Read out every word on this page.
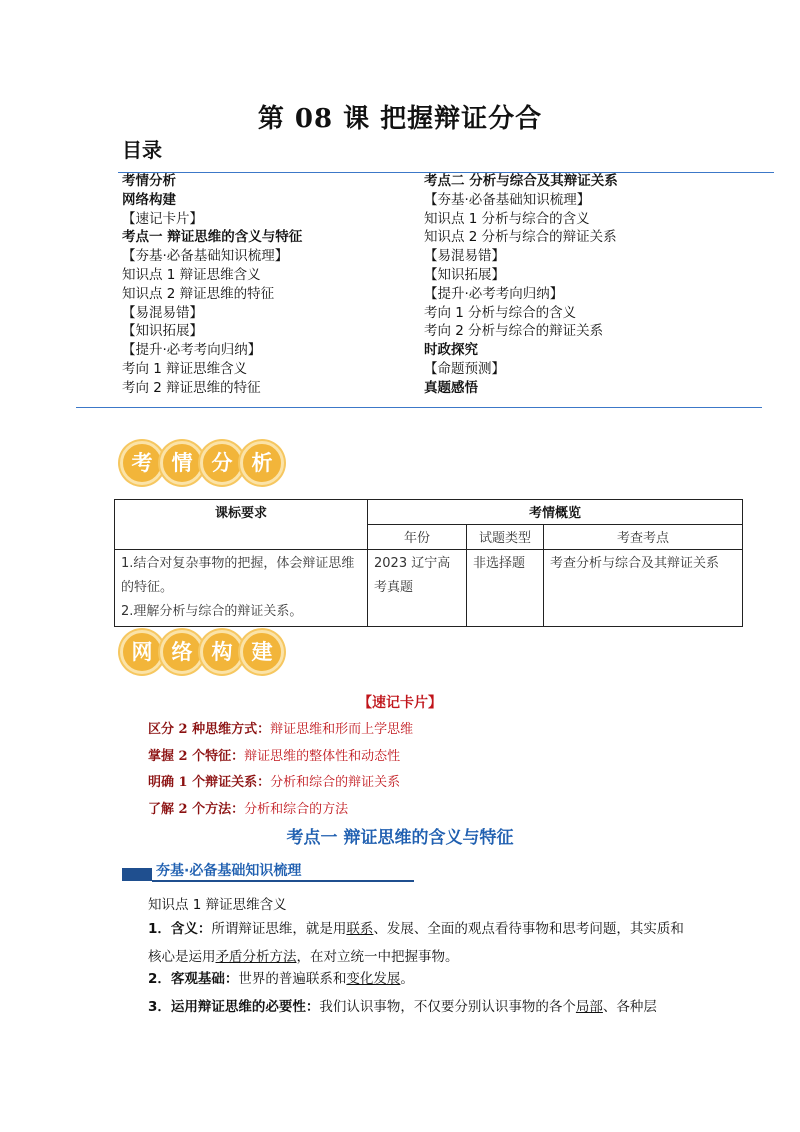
第 08 课 把握辩证分合
目录
考情分析
网络构建
【速记卡片】
考点一 辩证思维的含义与特征
【夯基·必备基础知识梳理】
知识点 1 辩证思维含义
知识点 2 辩证思维的特征
【易混易错】
【知识拓展】
【提升·必考考向归纳】
考向 1 辩证思维含义
考向 2 辩证思维的特征
考点二 分析与综合及其辩证关系
【夯基·必备基础知识梳理】
知识点 1 分析与综合的含义
知识点 2 分析与综合的辩证关系
【易混易错】
【知识拓展】
【提升·必考考向归纳】
考向 1 分析与综合的含义
考向 2 分析与综合的辩证关系
时政探究
【命题预测】
真题感悟
考 情 分 析
课标要求	考情概览		
	年份	试题类型	考查考点

1.结合对复杂事物的把握，体会辩证思维的特征。
2.理解分析与综合的辩证关系。	2023 辽宁高考真题	非选择题	考查分析与综合及其辩证关系
网 络 构 建
【速记卡片】
区分 2 种思维方式：辩证思维和形而上学思维
掌握 2 个特征：辩证思维的整体性和动态性
明确 1 个辩证关系：分析和综合的辩证关系
了解 2 个方法：分析和综合的方法
考点一 辩证思维的含义与特征
夯基·必备基础知识梳理
知识点 1 辩证思维含义
1．含义：所谓辩证思维，就是用联系、发展、全面的观点看待事物和思考问题，其实质和核心是运用矛盾分析方法，在对立统一中把握事物。
2．客观基础：世界的普遍联系和变化发展。
3．运用辩证思维的必要性：我们认识事物，不仅要分别认识事物的各个局部、各种层
